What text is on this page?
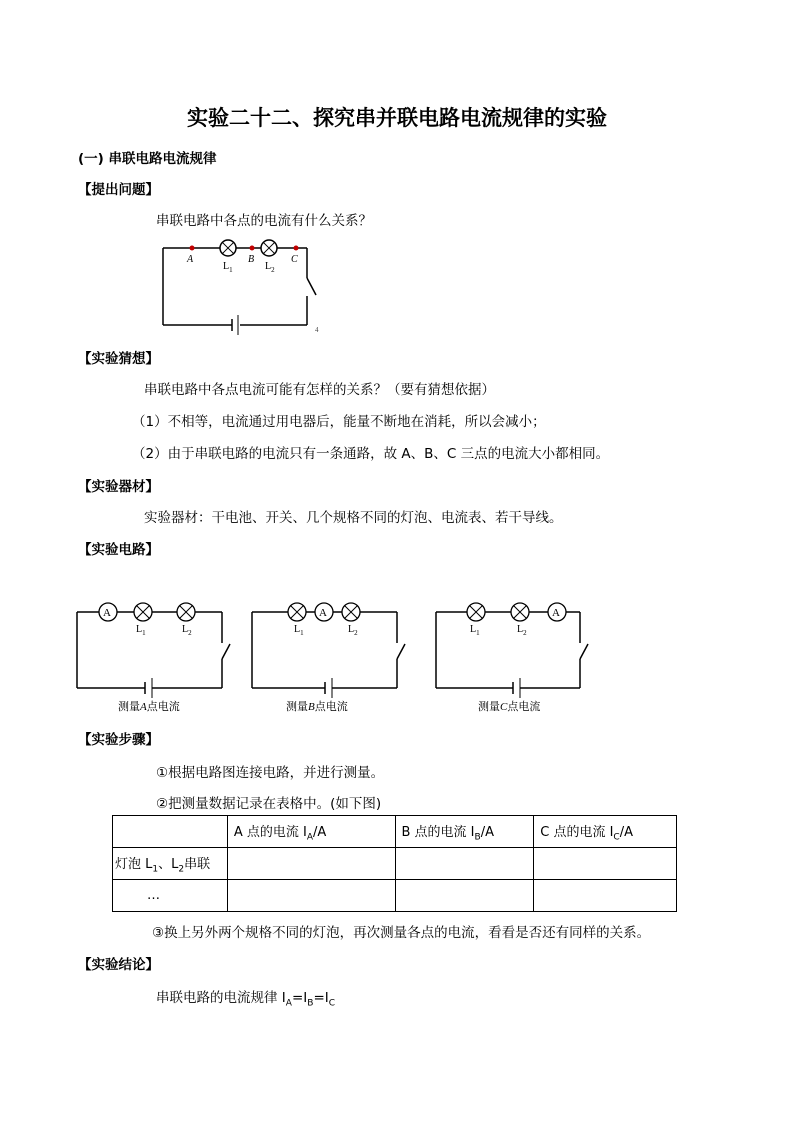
实验二十二、探究串并联电路电流规律的实验
(一) 串联电路电流规律
【提出问题】
串联电路中各点的电流有什么关系？
A	B	C
$L_1$	$L_2$
4
【实验猜想】
串联电路中各点电流可能有怎样的关系？（要有猜想依据）
（1）不相等，电流通过用电器后，能量不断地在消耗，所以会减小；
（2）由于串联电路的电流只有一条通路，故 A、B、C 三点的电流大小都相同。
【实验器材】
实验器材：干电池、开关、几个规格不同的灯泡、电流表、若干导线。
【实验电路】
A
$L_1$	$L_2$
测量A点电流
A
$L_1$	$L_2$
测量B点电流
A
$L_1$	$L_2$
测量C点电流
【实验步骤】
①根据电路图连接电路，并进行测量。
②把测量数据记录在表格中。(如下图)
	A 点的电流 $I_A/A$	B 点的电流 $I_B/A$	C 点的电流 $I_C/A$
灯泡 $L_1$、$L_2$串联			
…			
③换上另外两个规格不同的灯泡，再次测量各点的电流，看看是否还有同样的关系。
【实验结论】
串联电路的电流规律 $I_A=I_B=I_C$
